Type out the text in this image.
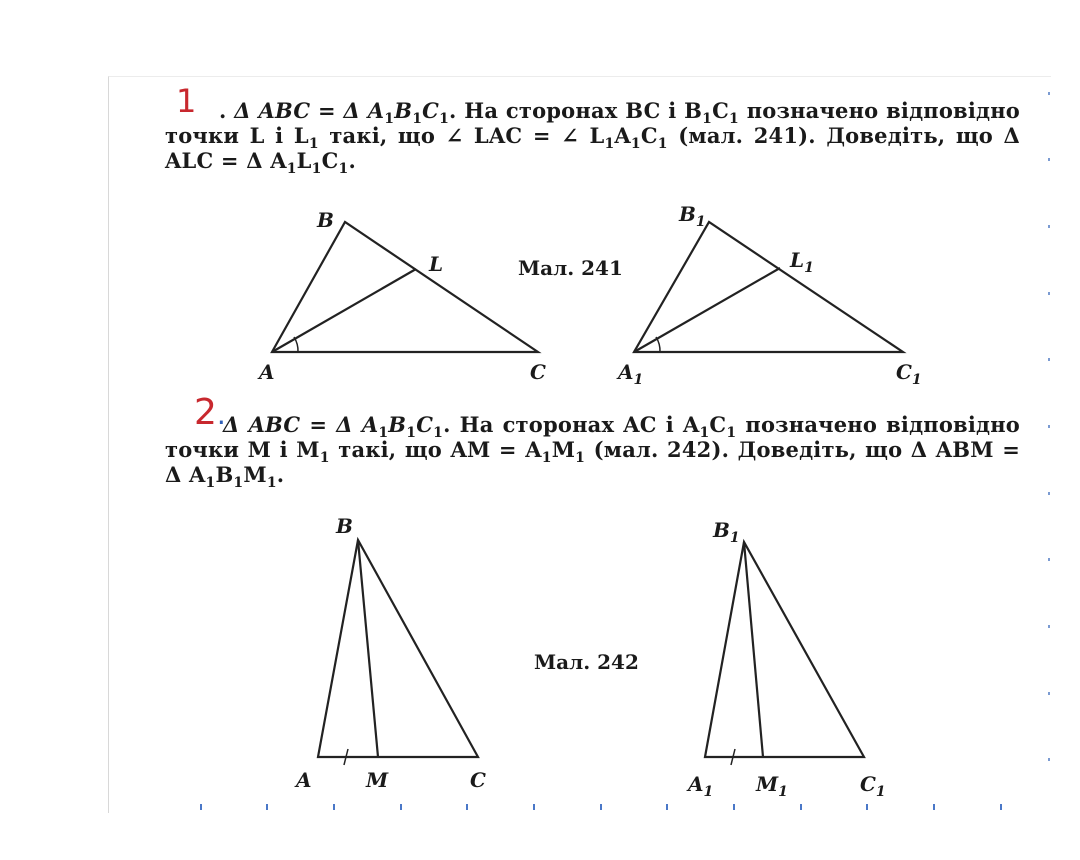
1	. Δ ABC = Δ $A_1B_1C_1$. На сторонах BC і $B_1C_1$ позначено відповідно точки L і $L_1$ такі, що ∠ LAC = ∠ $L_1A_1C_1$ (мал. 241). Доведіть, що Δ ALC = Δ $A_1L_1C_1$.
Мал. 241
B
L
A	C
$B_1$
$L_1$
$A_1$	$C_1$
2.
Δ ABC = Δ $A_1B_1C_1$. На сторонах AC і $A_1C_1$ позначено відповідно точки M і $M_1$ такі, що AM = $A_1M_1$ (мал. 242). Доведіть, що Δ ABM = Δ $A_1B_1M_1$.
Мал. 242
B
A	M	C
$B_1$
$A_1$ $M_1$	$C_1$
